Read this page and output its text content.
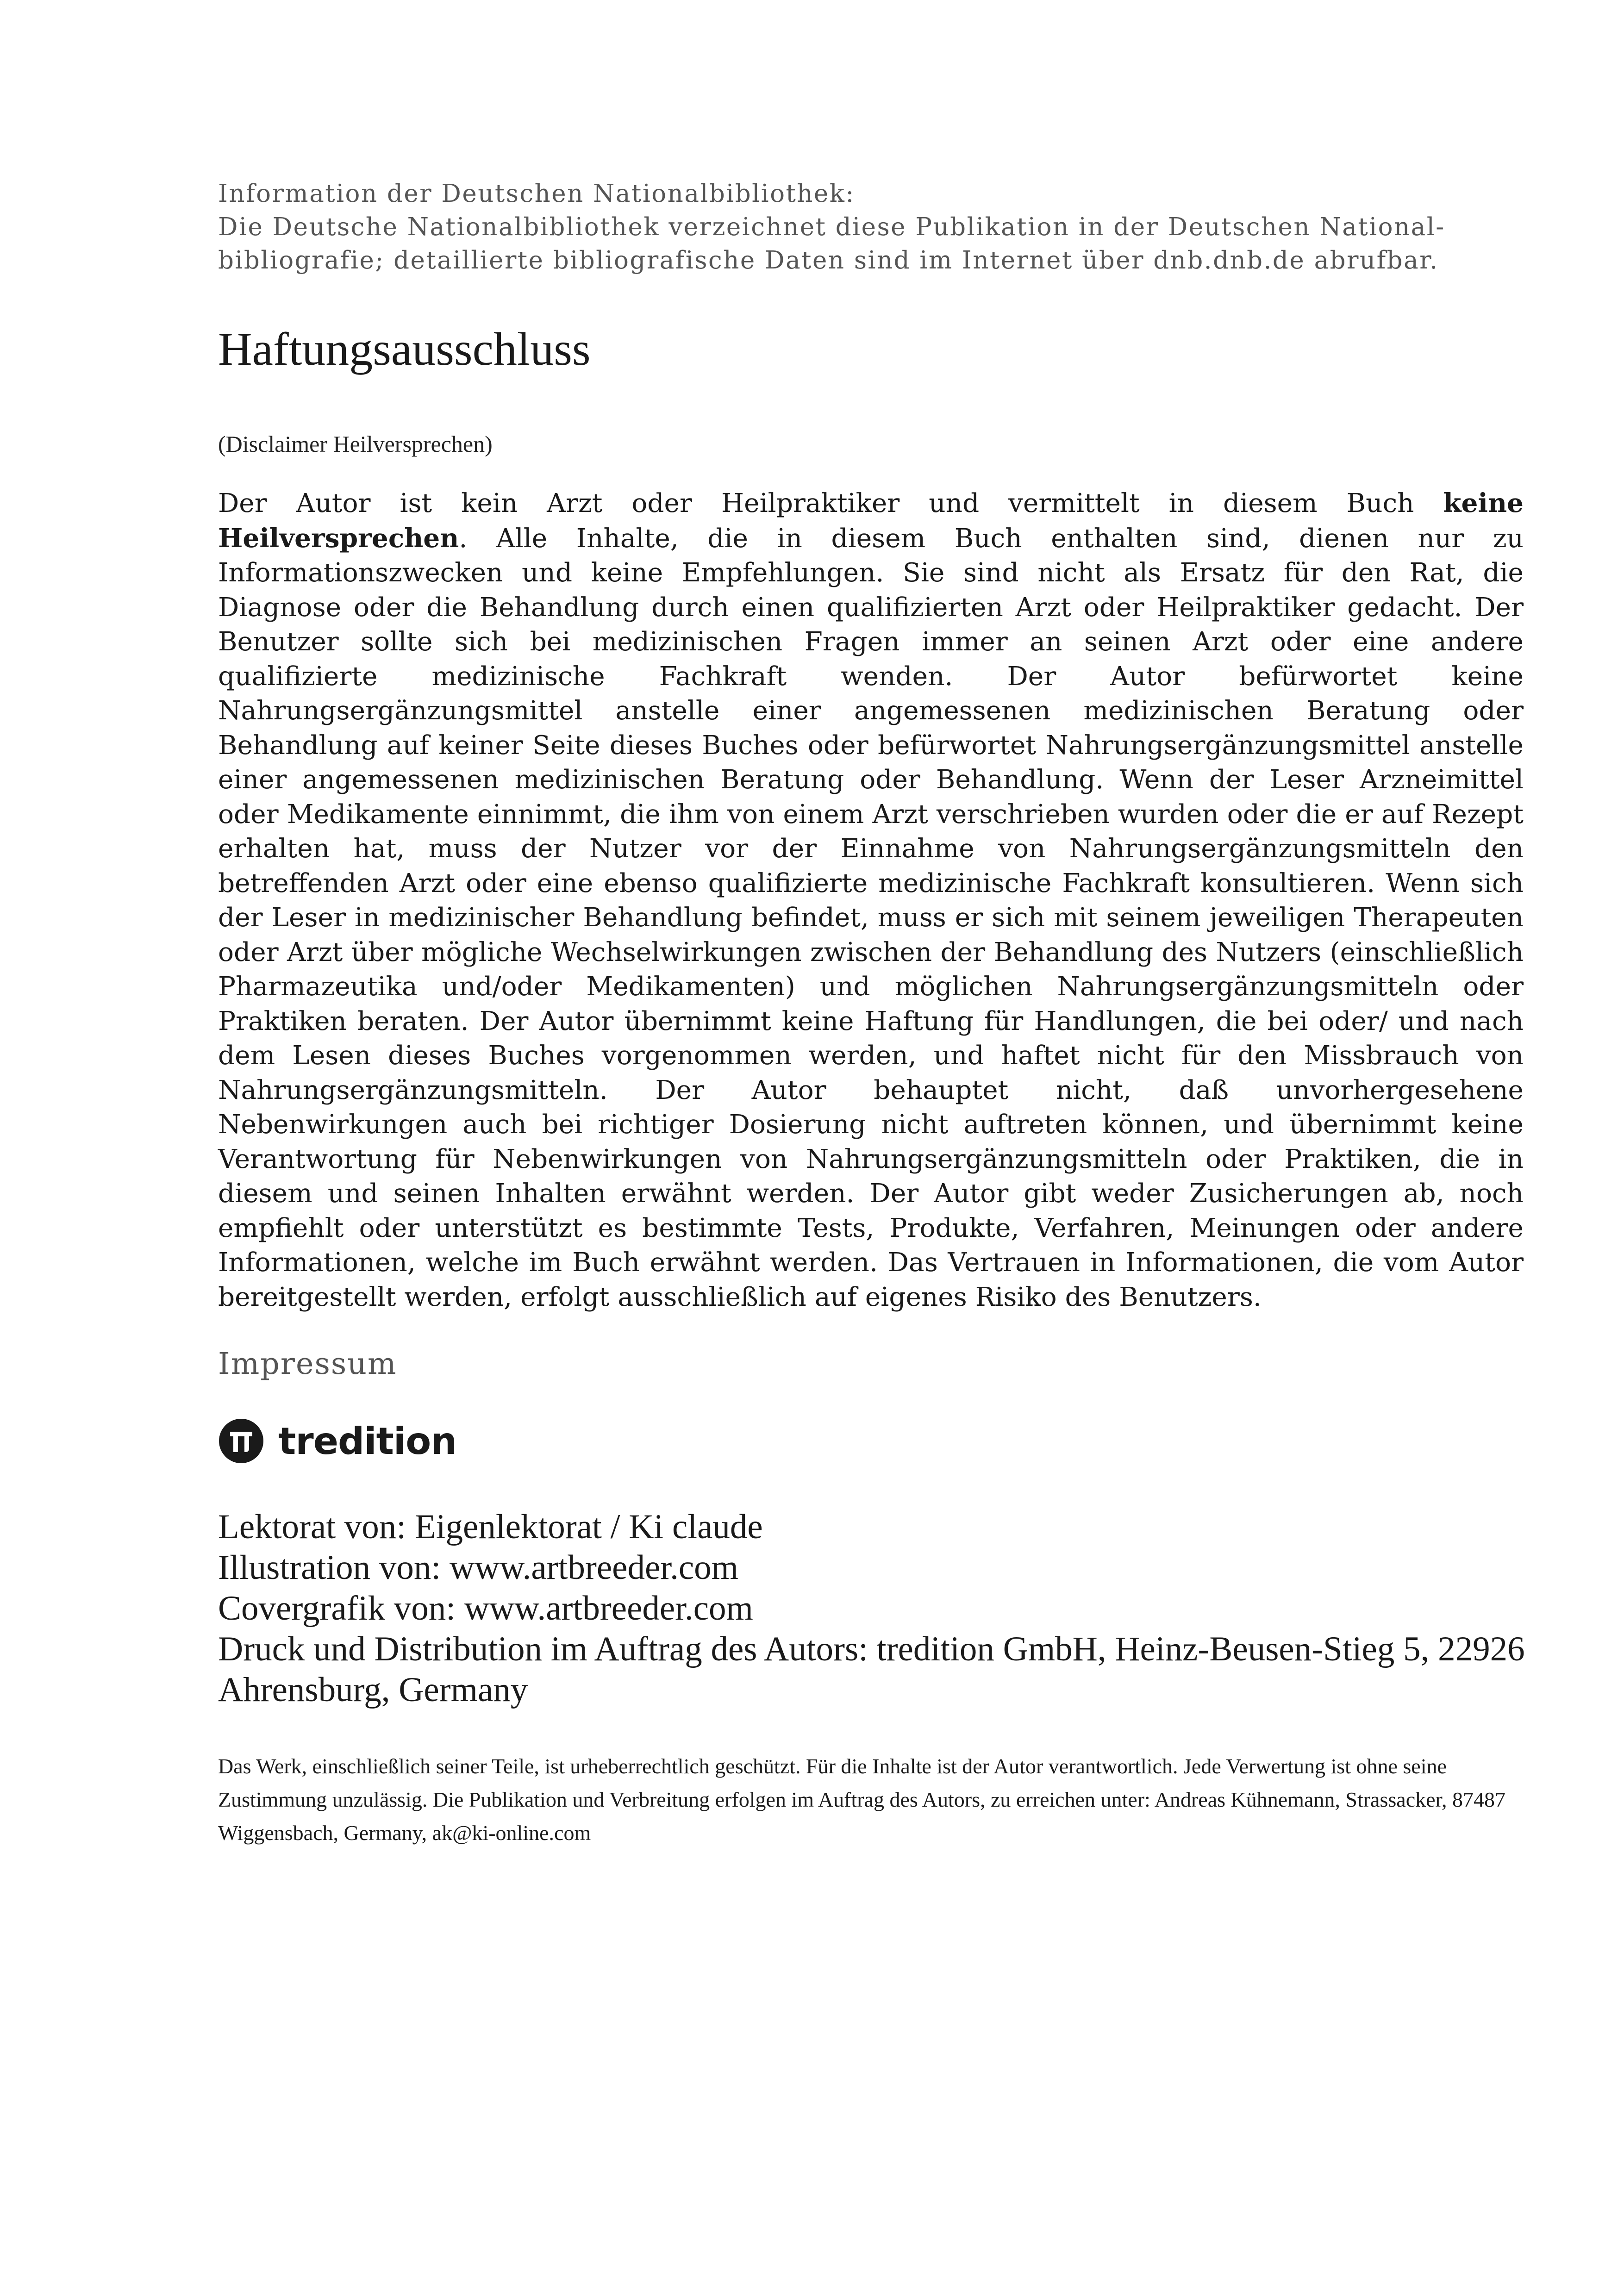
Information der Deutschen Nationalbibliothek:

Die Deutsche Nationalbibliothek verzeichnet diese Publikation in der Deutschen Nationalbibliografie; detaillierte bibliografische Daten sind im Internet über dnb.dnb.de abrufbar.

Haftungsausschluss

(Disclaimer Heilversprechen)

Der Autor ist kein Arzt oder Heilpraktiker und vermittelt in diesem Buch keine Heilversprechen. Alle Inhalte, die in diesem Buch enthalten sind, dienen nur zu Informationszwecken und keine Empfehlungen. Sie sind nicht als Ersatz für den Rat, die Diagnose oder die Behandlung durch einen qualifizierten Arzt oder Heilpraktiker gedacht. Der Benutzer sollte sich bei medizinischen Fragen immer an seinen Arzt oder eine andere qualifizierte medizinische Fachkraft wenden. Der Autor befürwortet keine Nahrungsergänzungsmittel anstelle einer angemessenen medizinischen Beratung oder Behandlung auf keiner Seite dieses Buches oder befürwortet Nahrungsergänzungsmittel anstelle einer angemessenen medizinischen Beratung oder Behandlung. Wenn der Leser Arzneimittel oder Medikamente einnimmt, die ihm von einem Arzt verschrieben wurden oder die er auf Rezept erhalten hat, muss der Nutzer vor der Einnahme von Nahrungsergänzungsmitteln den betreffenden Arzt oder eine ebenso qualifizierte medizinische Fachkraft konsultieren. Wenn sich der Leser in medizinischer Behandlung befindet, muss er sich mit seinem jeweiligen Therapeuten oder Arzt über mögliche Wechselwirkungen zwischen der Behandlung des Nutzers (einschließlich Pharmazeutika und/oder Medikamenten) und möglichen Nahrungsergänzungsmitteln oder Praktiken beraten. Der Autor übernimmt keine Haftung für Handlungen, die bei oder/ und nach dem Lesen dieses Buches vorgenommen werden, und haftet nicht für den Missbrauch von Nahrungsergänzungsmitteln. Der Autor behauptet nicht, daß unvorhergesehene Nebenwirkungen auch bei richtiger Dosierung nicht auftreten können, und übernimmt keine Verantwortung für Nebenwirkungen von Nahrungsergänzungsmitteln oder Praktiken, die in diesem und seinen Inhalten erwähnt werden. Der Autor gibt weder Zusicherungen ab, noch empfiehlt oder unterstützt es bestimmte Tests, Produkte, Verfahren, Meinungen oder andere Informationen, welche im Buch erwähnt werden. Das Vertrauen in Informationen, die vom Autor bereitgestellt werden, erfolgt ausschließlich auf eigenes Risiko des Benutzers.

Impressum

tredition

Lektorat von: Eigenlektorat / Ki claude

Illustration von: www.artbreeder.com

Covergrafik von: www.artbreeder.com

Druck und Distribution im Auftrag des Autors: tredition GmbH, Heinz-Beusen-Stieg 5, 22926 Ahrensburg, Germany

Das Werk, einschließlich seiner Teile, ist urheberrechtlich geschützt. Für die Inhalte ist der Autor verantwortlich. Jede Verwertung ist ohne seine Zustimmung unzulässig. Die Publikation und Verbreitung erfolgen im Auftrag des Autors, zu erreichen unter: Andreas Kühnemann, Strassacker, 87487 Wiggensbach, Germany, ak@ki-online.com
